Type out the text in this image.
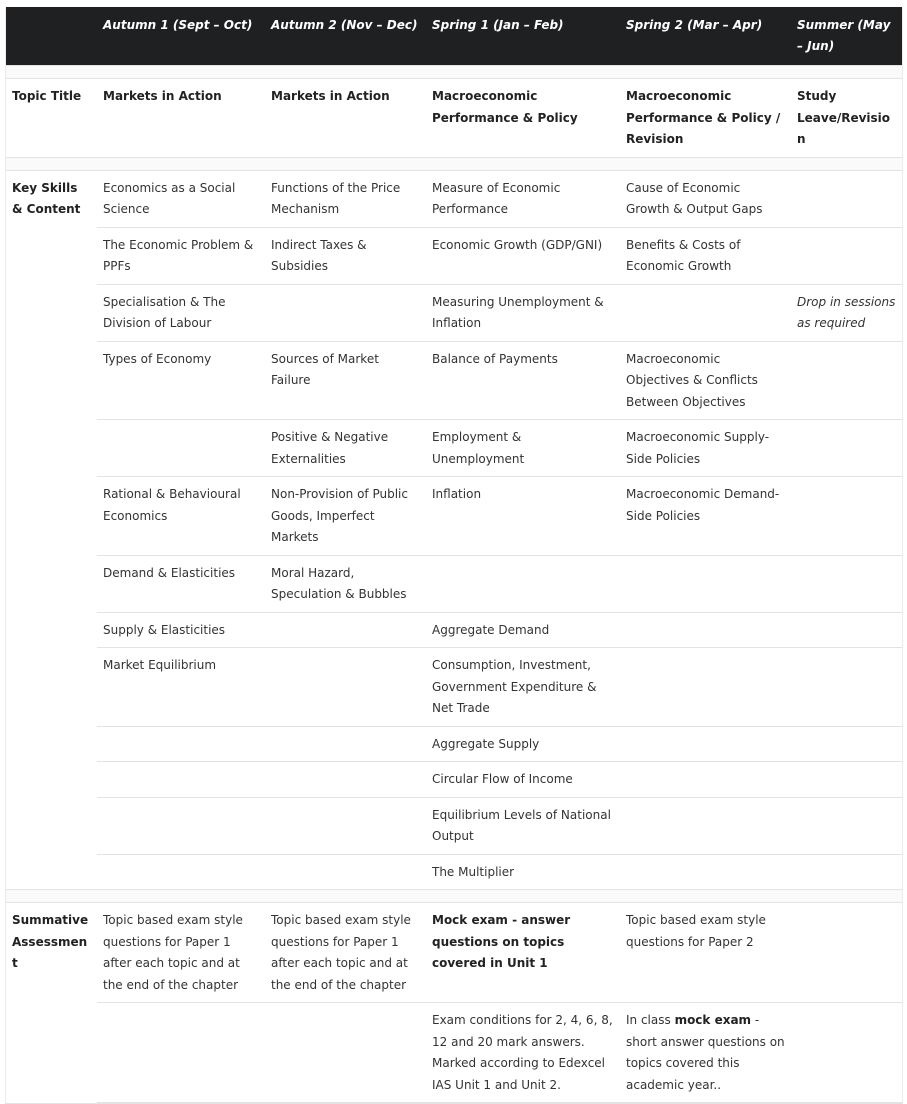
	Autumn 1 (Sept – Oct)	Autumn 2 (Nov – Dec)	Spring 1 (Jan – Feb)	Spring 2 (Mar – Apr)	Summer (May – Jun)

Topic Title	Markets in Action	Markets in Action	Macroeconomic Performance & Policy	Macroeconomic Performance & Policy / Revision	Study Leave/Revision

Key Skills & Content	Economics as a Social Science	Functions of the Price Mechanism	Measure of Economic Performance	Cause of Economic Growth & Output Gaps	
	The Economic Problem & PPFs	Indirect Taxes & Subsidies	Economic Growth (GDP/GNI)	Benefits & Costs of Economic Growth	
	Specialisation & The Division of Labour		Measuring Unemployment & Inflation		Drop in sessions as required
	Types of Economy	Sources of Market Failure	Balance of Payments	Macroeconomic Objectives & Conflicts Between Objectives	
		Positive & Negative Externalities	Employment & Unemployment	Macroeconomic Supply-Side Policies	
	Rational & Behavioural Economics	Non-Provision of Public Goods, Imperfect Markets	Inflation	Macroeconomic Demand-Side Policies	
	Demand & Elasticities	Moral Hazard, Speculation & Bubbles			
	Supply & Elasticities		Aggregate Demand		
	Market Equilibrium		Consumption, Investment, Government Expenditure & Net Trade		
			Aggregate Supply		
			Circular Flow of Income		
			Equilibrium Levels of National Output		
			The Multiplier		

Summative Assessment	Topic based exam style questions for Paper 1 after each topic and at the end of the chapter	Topic based exam style questions for Paper 1 after each topic and at the end of the chapter	Mock exam - answer questions on topics covered in Unit 1	Topic based exam style questions for Paper 2	
			Exam conditions for 2, 4, 6, 8, 12 and 20 mark answers. Marked according to Edexcel IAS Unit 1 and Unit 2.	In class mock exam - short answer questions on topics covered this academic year..	
